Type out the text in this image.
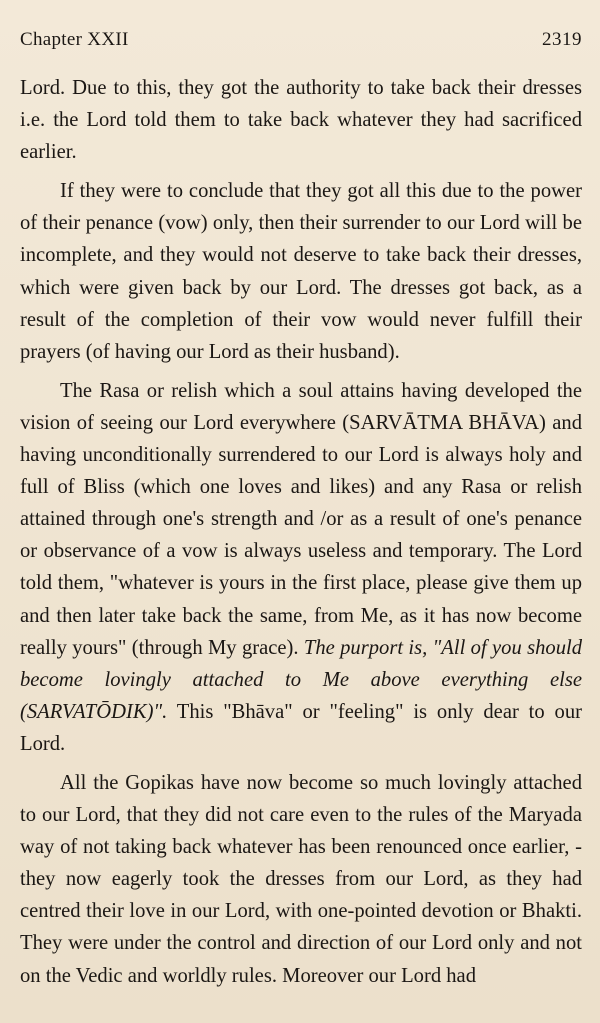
Chapter XXII	2319

Lord. Due to this, they got the authority to take back their dresses i.e. the Lord told them to take back whatever they had sacrificed earlier.

If they were to conclude that they got all this due to the power of their penance (vow) only, then their surrender to our Lord will be incomplete, and they would not deserve to take back their dresses, which were given back by our Lord. The dresses got back, as a result of the completion of their vow would never fulfill their prayers (of having our Lord as their husband).

The Rasa or relish which a soul attains having developed the vision of seeing our Lord everywhere (SARVĀTMA BHĀVA) and having unconditionally surrendered to our Lord is always holy and full of Bliss (which one loves and likes) and any Rasa or relish attained through one's strength and /or as a result of one's penance or observance of a vow is always useless and temporary. The Lord told them, "whatever is yours in the first place, please give them up and then later take back the same, from Me, as it has now become really yours" (through My grace). The purport is, "All of you should become lovingly attached to Me above everything else (SARVATŌDIK)". This "Bhāva" or "feeling" is only dear to our Lord.

All the Gopikas have now become so much lovingly attached to our Lord, that they did not care even to the rules of the Maryada way of not taking back whatever has been renounced once earlier, - they now eagerly took the dresses from our Lord, as they had centred their love in our Lord, with one-pointed devotion or Bhakti. They were under the control and direction of our Lord only and not on the Vedic and worldly rules. Moreover our Lord had
